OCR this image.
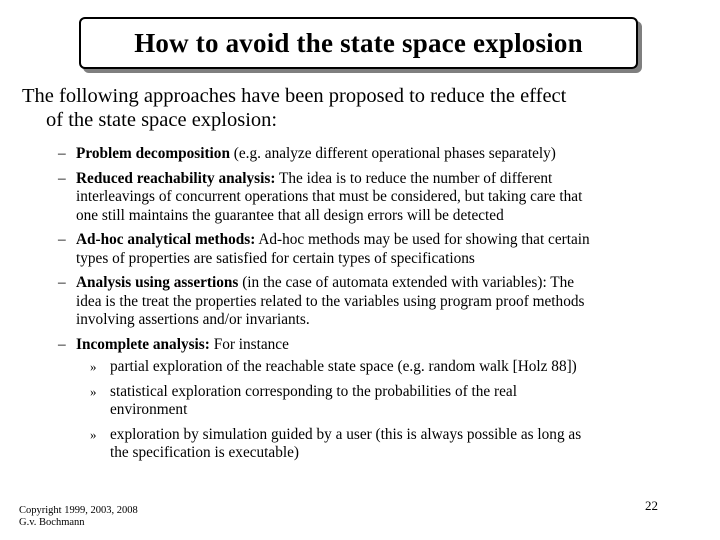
How to avoid the state space explosion
The following approaches have been proposed to reduce the effect
of the state space explosion:
– Problem decomposition (e.g. analyze different operational phases separately)
– Reduced reachability analysis: The idea is to reduce the number of different
interleavings of concurrent operations that must be considered, but taking care that
one still maintains the guarantee that all design errors will be detected
– Ad-hoc analytical methods: Ad-hoc methods may be used for showing that certain
types of properties are satisfied for certain types of specifications
– Analysis using assertions (in the case of automata extended with variables): The
idea is the treat the properties related to the variables using program proof methods
involving assertions and/or invariants.
– Incomplete analysis: For instance
» partial exploration of the reachable state space (e.g. random walk [Holz 88])
» statistical exploration corresponding to the probabilities of the real
environment
» exploration by simulation guided by a user (this is always possible as long as
the specification is executable)
Copyright 1999, 2003, 2008
G.v. Bochmann
22
